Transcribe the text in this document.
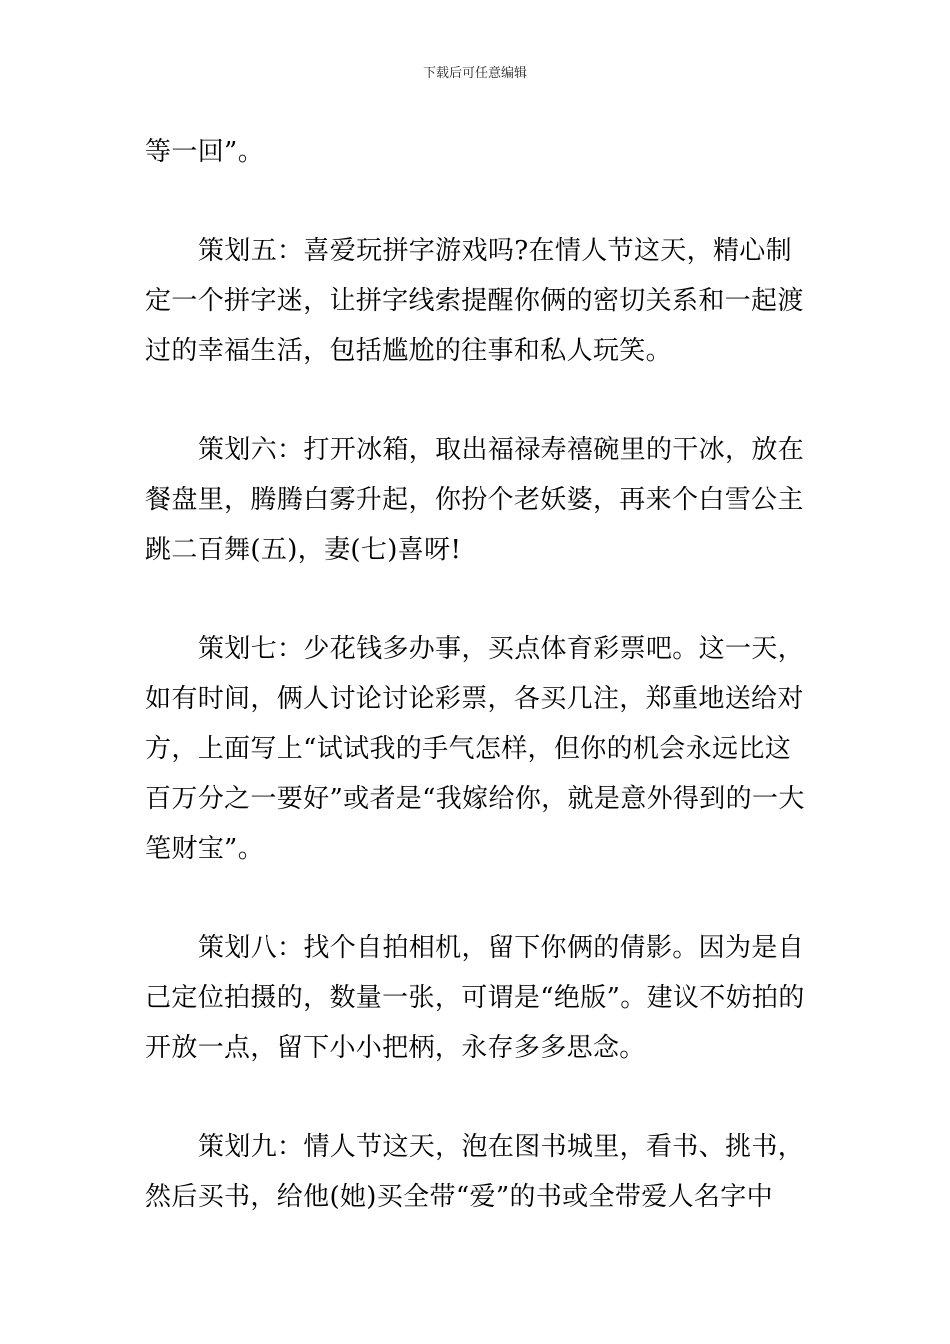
下载后可任意编辑

等一回”。

策划五：喜爱玩拼字游戏吗?在情人节这天，精心制定一个拼字迷，让拼字线索提醒你俩的密切关系和一起渡过的幸福生活，包括尴尬的往事和私人玩笑。

策划六：打开冰箱，取出福禄寿禧碗里的干冰，放在餐盘里，腾腾白雾升起，你扮个老妖婆，再来个白雪公主跳二百舞(五)，妻(七)喜呀!

策划七：少花钱多办事，买点体育彩票吧。这一天，如有时间，俩人讨论讨论彩票，各买几注，郑重地送给对方，上面写上“试试我的手气怎样，但你的机会永远比这百万分之一要好”或者是“我嫁给你，就是意外得到的一大笔财宝”。

策划八：找个自拍相机，留下你俩的倩影。因为是自己定位拍摄的，数量一张，可谓是“绝版”。建议不妨拍的开放一点，留下小小把柄，永存多多思念。

策划九：情人节这天，泡在图书城里，看书、挑书，然后买书，给他(她)买全带“爱”的书或全带爱人名字中
